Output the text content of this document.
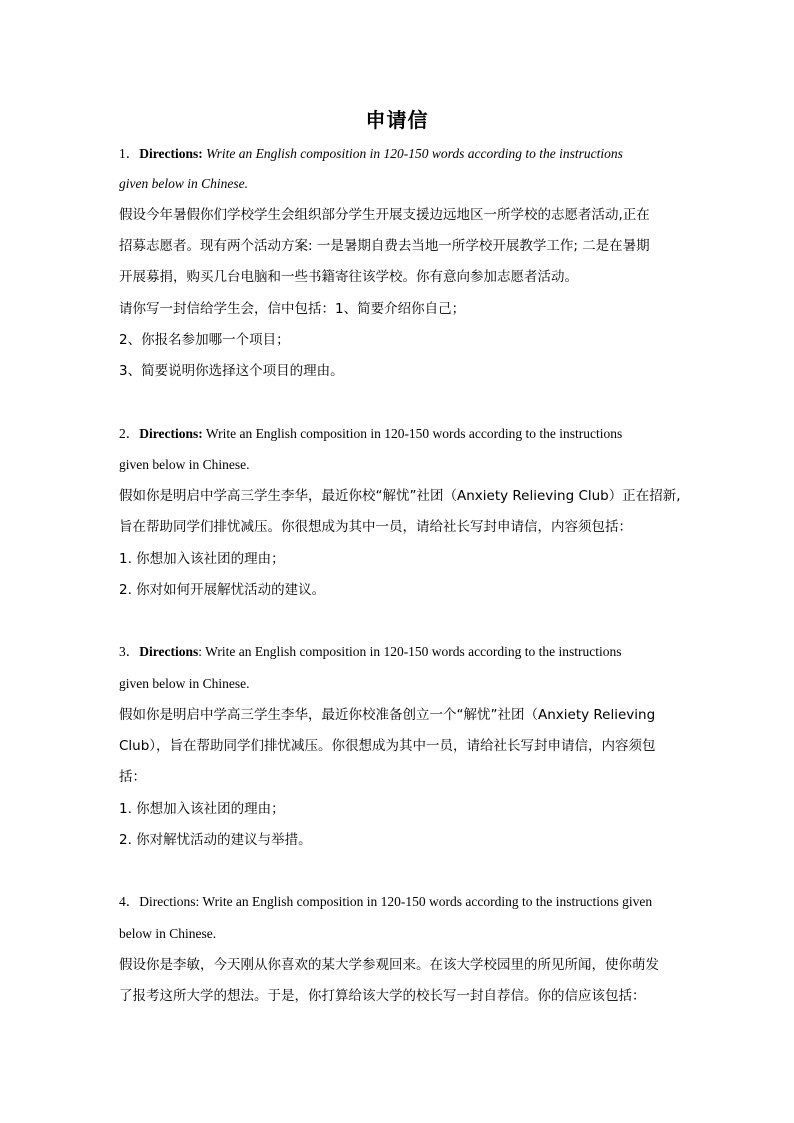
申请信
1．Directions: Write an English composition in 120-150 words according to the instructions
given below in Chinese.
假设今年暑假你们学校学生会组织部分学生开展支援边远地区一所学校的志愿者活动,正在
招募志愿者。现有两个活动方案: 一是暑期自费去当地一所学校开展教学工作; 二是在暑期
开展募捐，购买几台电脑和一些书籍寄往该学校。你有意向参加志愿者活动。
请你写一封信给学生会，信中包括：1、简要介绍你自己；
2、你报名参加哪一个项目；
3、简要说明你选择这个项目的理由。
2．Directions: Write an English composition in 120-150 words according to the instructions
given below in Chinese.
假如你是明启中学高三学生李华，最近你校“解忧”社团（Anxiety Relieving Club）正在招新,
旨在帮助同学们排忧减压。你很想成为其中一员，请给社长写封申请信，内容须包括：
1. 你想加入该社团的理由；
2. 你对如何开展解忧活动的建议。
3．Directions: Write an English composition in 120-150 words according to the instructions
given below in Chinese.
假如你是明启中学高三学生李华，最近你校准备创立一个“解忧”社团（Anxiety Relieving
Club），旨在帮助同学们排忧减压。你很想成为其中一员，请给社长写封申请信，内容须包
括：
1. 你想加入该社团的理由；
2. 你对解忧活动的建议与举措。
4．Directions: Write an English composition in 120-150 words according to the instructions given
below in Chinese.
假设你是李敏，今天刚从你喜欢的某大学参观回来。在该大学校园里的所见所闻，使你萌发
了报考这所大学的想法。于是，你打算给该大学的校长写一封自荐信。你的信应该包括：
